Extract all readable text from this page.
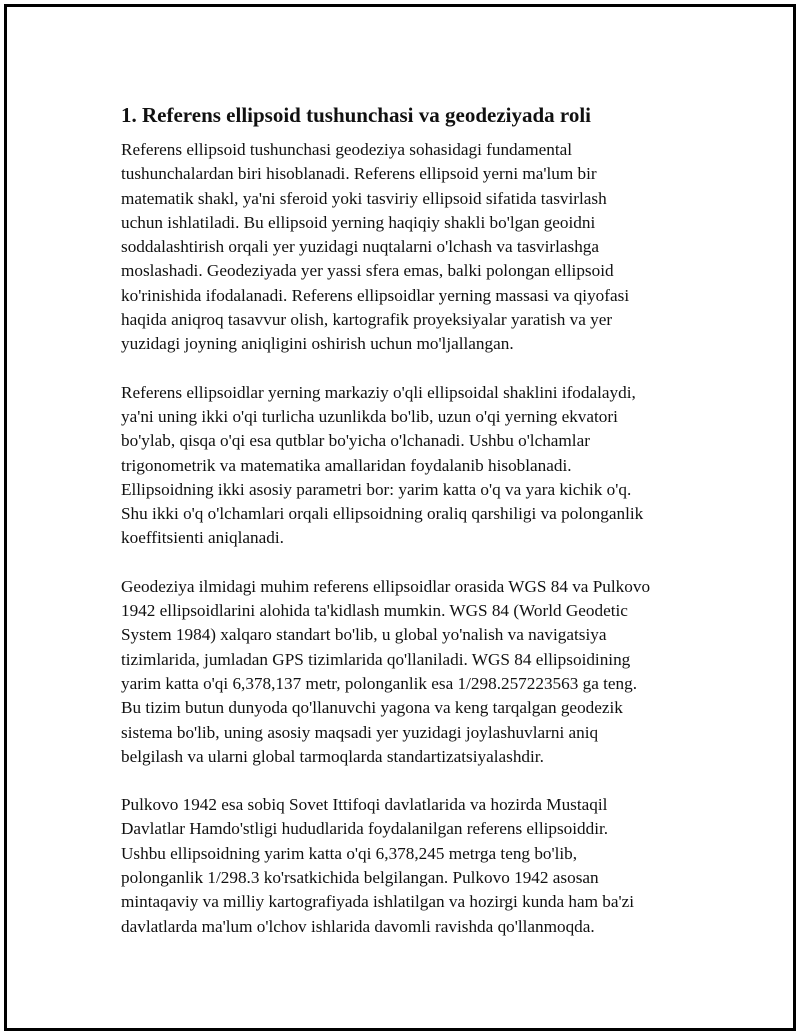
1. Referens ellipsoid tushunchasi va geodeziyada roli

Referens ellipsoid tushunchasi geodeziya sohasidagi fundamental
tushunchalardan biri hisoblanadi. Referens ellipsoid yerni ma'lum bir
matematik shakl, ya'ni sferoid yoki tasviriy ellipsoid sifatida tasvirlash
uchun ishlatiladi. Bu ellipsoid yerning haqiqiy shakli bo'lgan geoidni
soddalashtirish orqali yer yuzidagi nuqtalarni o'lchash va tasvirlashga
moslashadi. Geodeziyada yer yassi sfera emas, balki polongan ellipsoid
ko'rinishida ifodalanadi. Referens ellipsoidlar yerning massasi va qiyofasi
haqida aniqroq tasavvur olish, kartografik proyeksiyalar yaratish va yer
yuzidagi joyning aniqligini oshirish uchun mo'ljallangan.

Referens ellipsoidlar yerning markaziy o'qli ellipsoidal shaklini ifodalaydi,
ya'ni uning ikki o'qi turlicha uzunlikda bo'lib, uzun o'qi yerning ekvatori
bo'ylab, qisqa o'qi esa qutblar bo'yicha o'lchanadi. Ushbu o'lchamlar
trigonometrik va matematika amallaridan foydalanib hisoblanadi.
Ellipsoidning ikki asosiy parametri bor: yarim katta o'q va yara kichik o'q.
Shu ikki o'q o'lchamlari orqali ellipsoidning oraliq qarshiligi va polonganlik
koeffitsienti aniqlanadi.

Geodeziya ilmidagi muhim referens ellipsoidlar orasida WGS 84 va Pulkovo
1942 ellipsoidlarini alohida ta'kidlash mumkin. WGS 84 (World Geodetic
System 1984) xalqaro standart bo'lib, u global yo'nalish va navigatsiya
tizimlarida, jumladan GPS tizimlarida qo'llaniladi. WGS 84 ellipsoidining
yarim katta o'qi 6,378,137 metr, polonganlik esa 1/298.257223563 ga teng.
Bu tizim butun dunyoda qo'llanuvchi yagona va keng tarqalgan geodezik
sistema bo'lib, uning asosiy maqsadi yer yuzidagi joylashuvlarni aniq
belgilash va ularni global tarmoqlarda standartizatsiyalashdir.

Pulkovo 1942 esa sobiq Sovet Ittifoqi davlatlarida va hozirda Mustaqil
Davlatlar Hamdo'stligi hududlarida foydalanilgan referens ellipsoiddir.
Ushbu ellipsoidning yarim katta o'qi 6,378,245 metrga teng bo'lib,
polonganlik 1/298.3 ko'rsatkichida belgilangan. Pulkovo 1942 asosan
mintaqaviy va milliy kartografiyada ishlatilgan va hozirgi kunda ham ba'zi
davlatlarda ma'lum o'lchov ishlarida davomli ravishda qo'llanmoqda.
